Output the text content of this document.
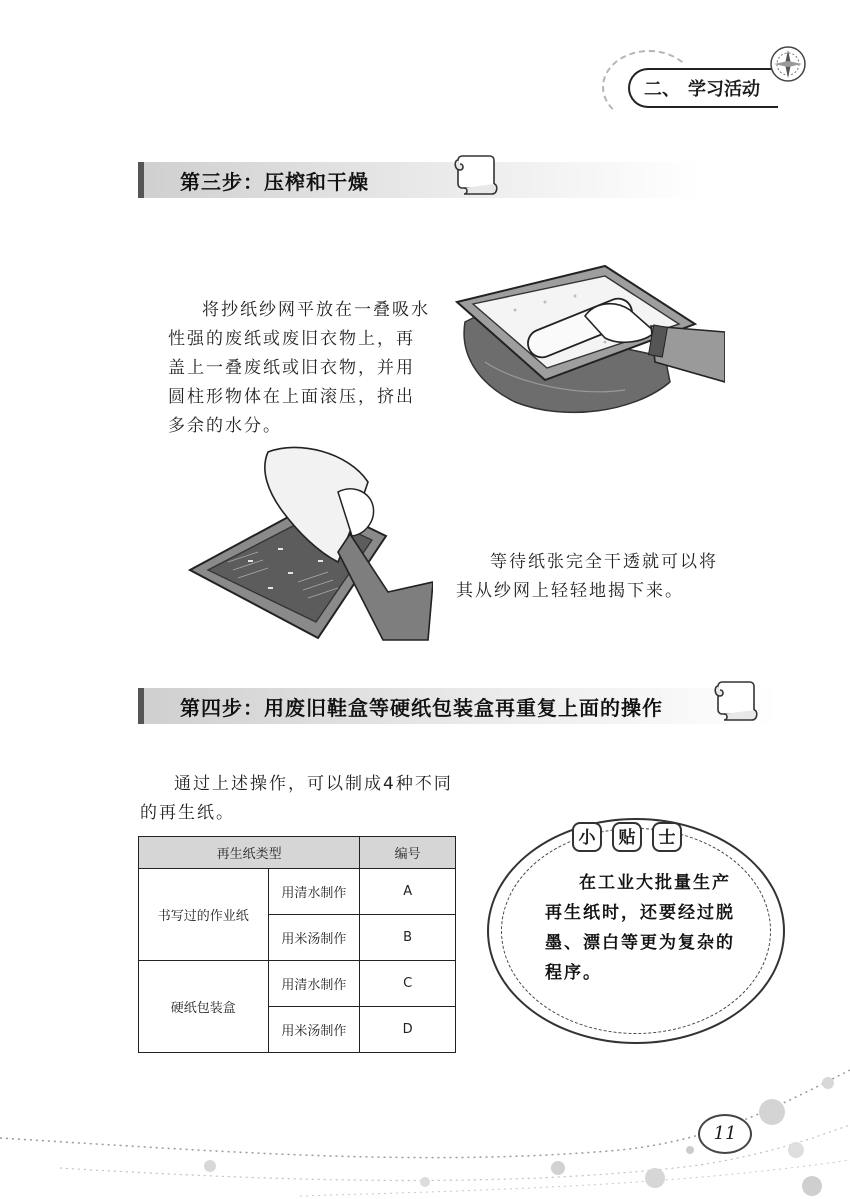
二、 学习活动
第三步：压榨和干燥

将抄纸纱网平放在一叠吸水性强的废纸或废旧衣物上，再盖上一叠废纸或旧衣物，并用圆柱形物体在上面滚压，挤出多余的水分。

等待纸张完全干透就可以将其从纱网上轻轻地揭下来。

第四步：用废旧鞋盒等硬纸包装盒再重复上面的操作

通过上述操作，可以制成4种不同的再生纸。

再生纸类型		编号
书写过的作业纸	用清水制作	A
	用米汤制作	B
硬纸包装盒	用清水制作	C
	用米汤制作	D
小	贴	士

在工业大批量生产再生纸时，还要经过脱墨、漂白等更为复杂的程序。

11
